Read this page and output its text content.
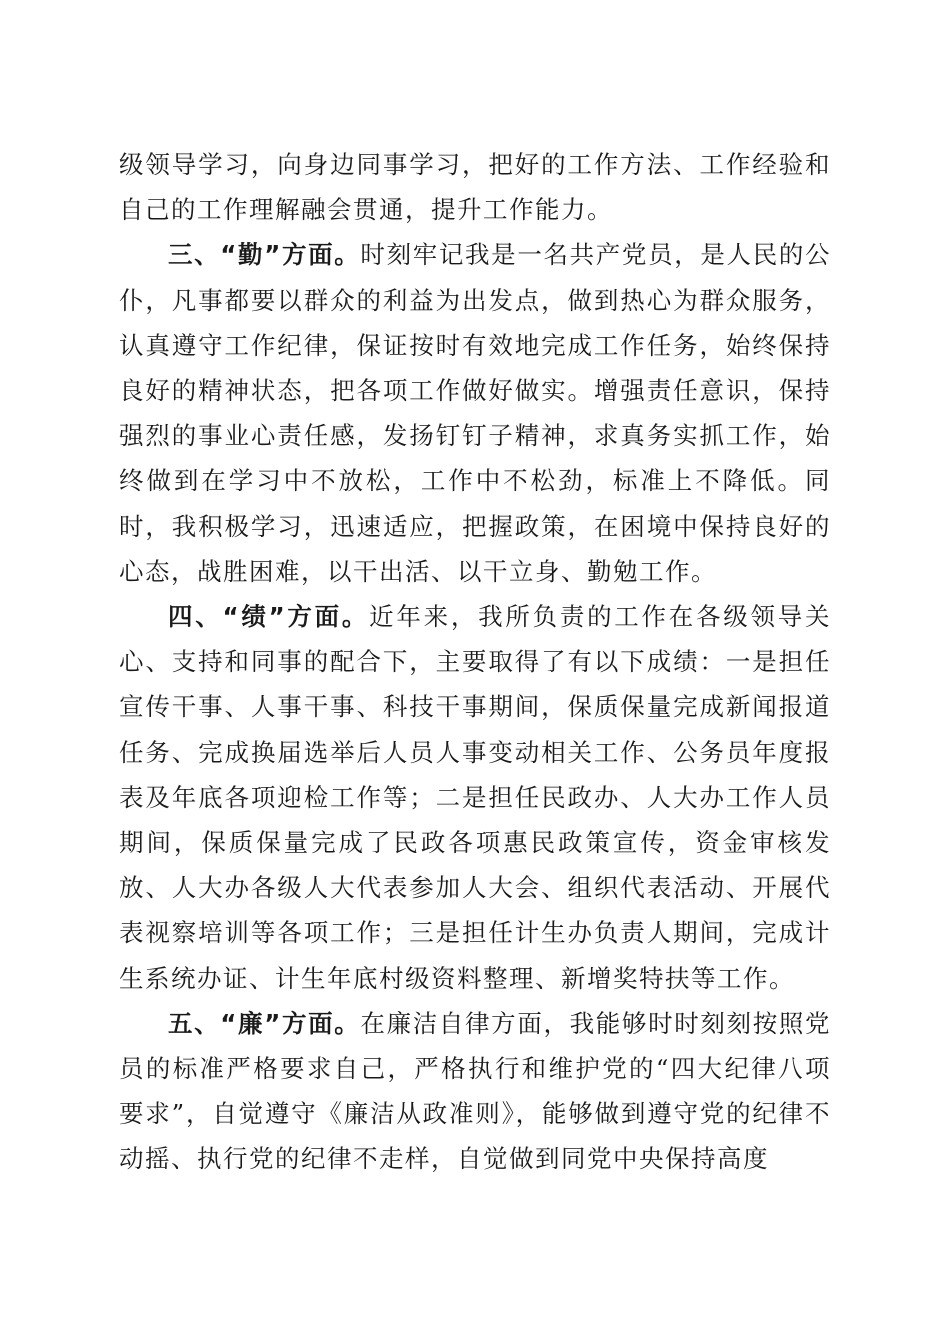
级领导学习，向身边同事学习，把好的工作方法、工作经验和自己的工作理解融会贯通，提升工作能力。

三、“勤”方面。时刻牢记我是一名共产党员，是人民的公仆，凡事都要以群众的利益为出发点，做到热心为群众服务，认真遵守工作纪律，保证按时有效地完成工作任务，始终保持良好的精神状态，把各项工作做好做实。增强责任意识，保持强烈的事业心责任感，发扬钉钉子精神，求真务实抓工作，始终做到在学习中不放松，工作中不松劲，标准上不降低。同时，我积极学习，迅速适应，把握政策，在困境中保持良好的心态，战胜困难，以干出活、以干立身、勤勉工作。

四、“绩”方面。近年来，我所负责的工作在各级领导关心、支持和同事的配合下，主要取得了有以下成绩：一是担任宣传干事、人事干事、科技干事期间，保质保量完成新闻报道任务、完成换届选举后人员人事变动相关工作、公务员年度报表及年底各项迎检工作等；二是担任民政办、人大办工作人员期间，保质保量完成了民政各项惠民政策宣传，资金审核发放、人大办各级人大代表参加人大会、组织代表活动、开展代表视察培训等各项工作；三是担任计生办负责人期间，完成计生系统办证、计生年底村级资料整理、新增奖特扶等工作。

五、“廉”方面。在廉洁自律方面，我能够时时刻刻按照党员的标准严格要求自己，严格执行和维护党的“四大纪律八项要求”，自觉遵守《廉洁从政准则》，能够做到遵守党的纪律不动摇、执行党的纪律不走样，自觉做到同党中央保持高度
